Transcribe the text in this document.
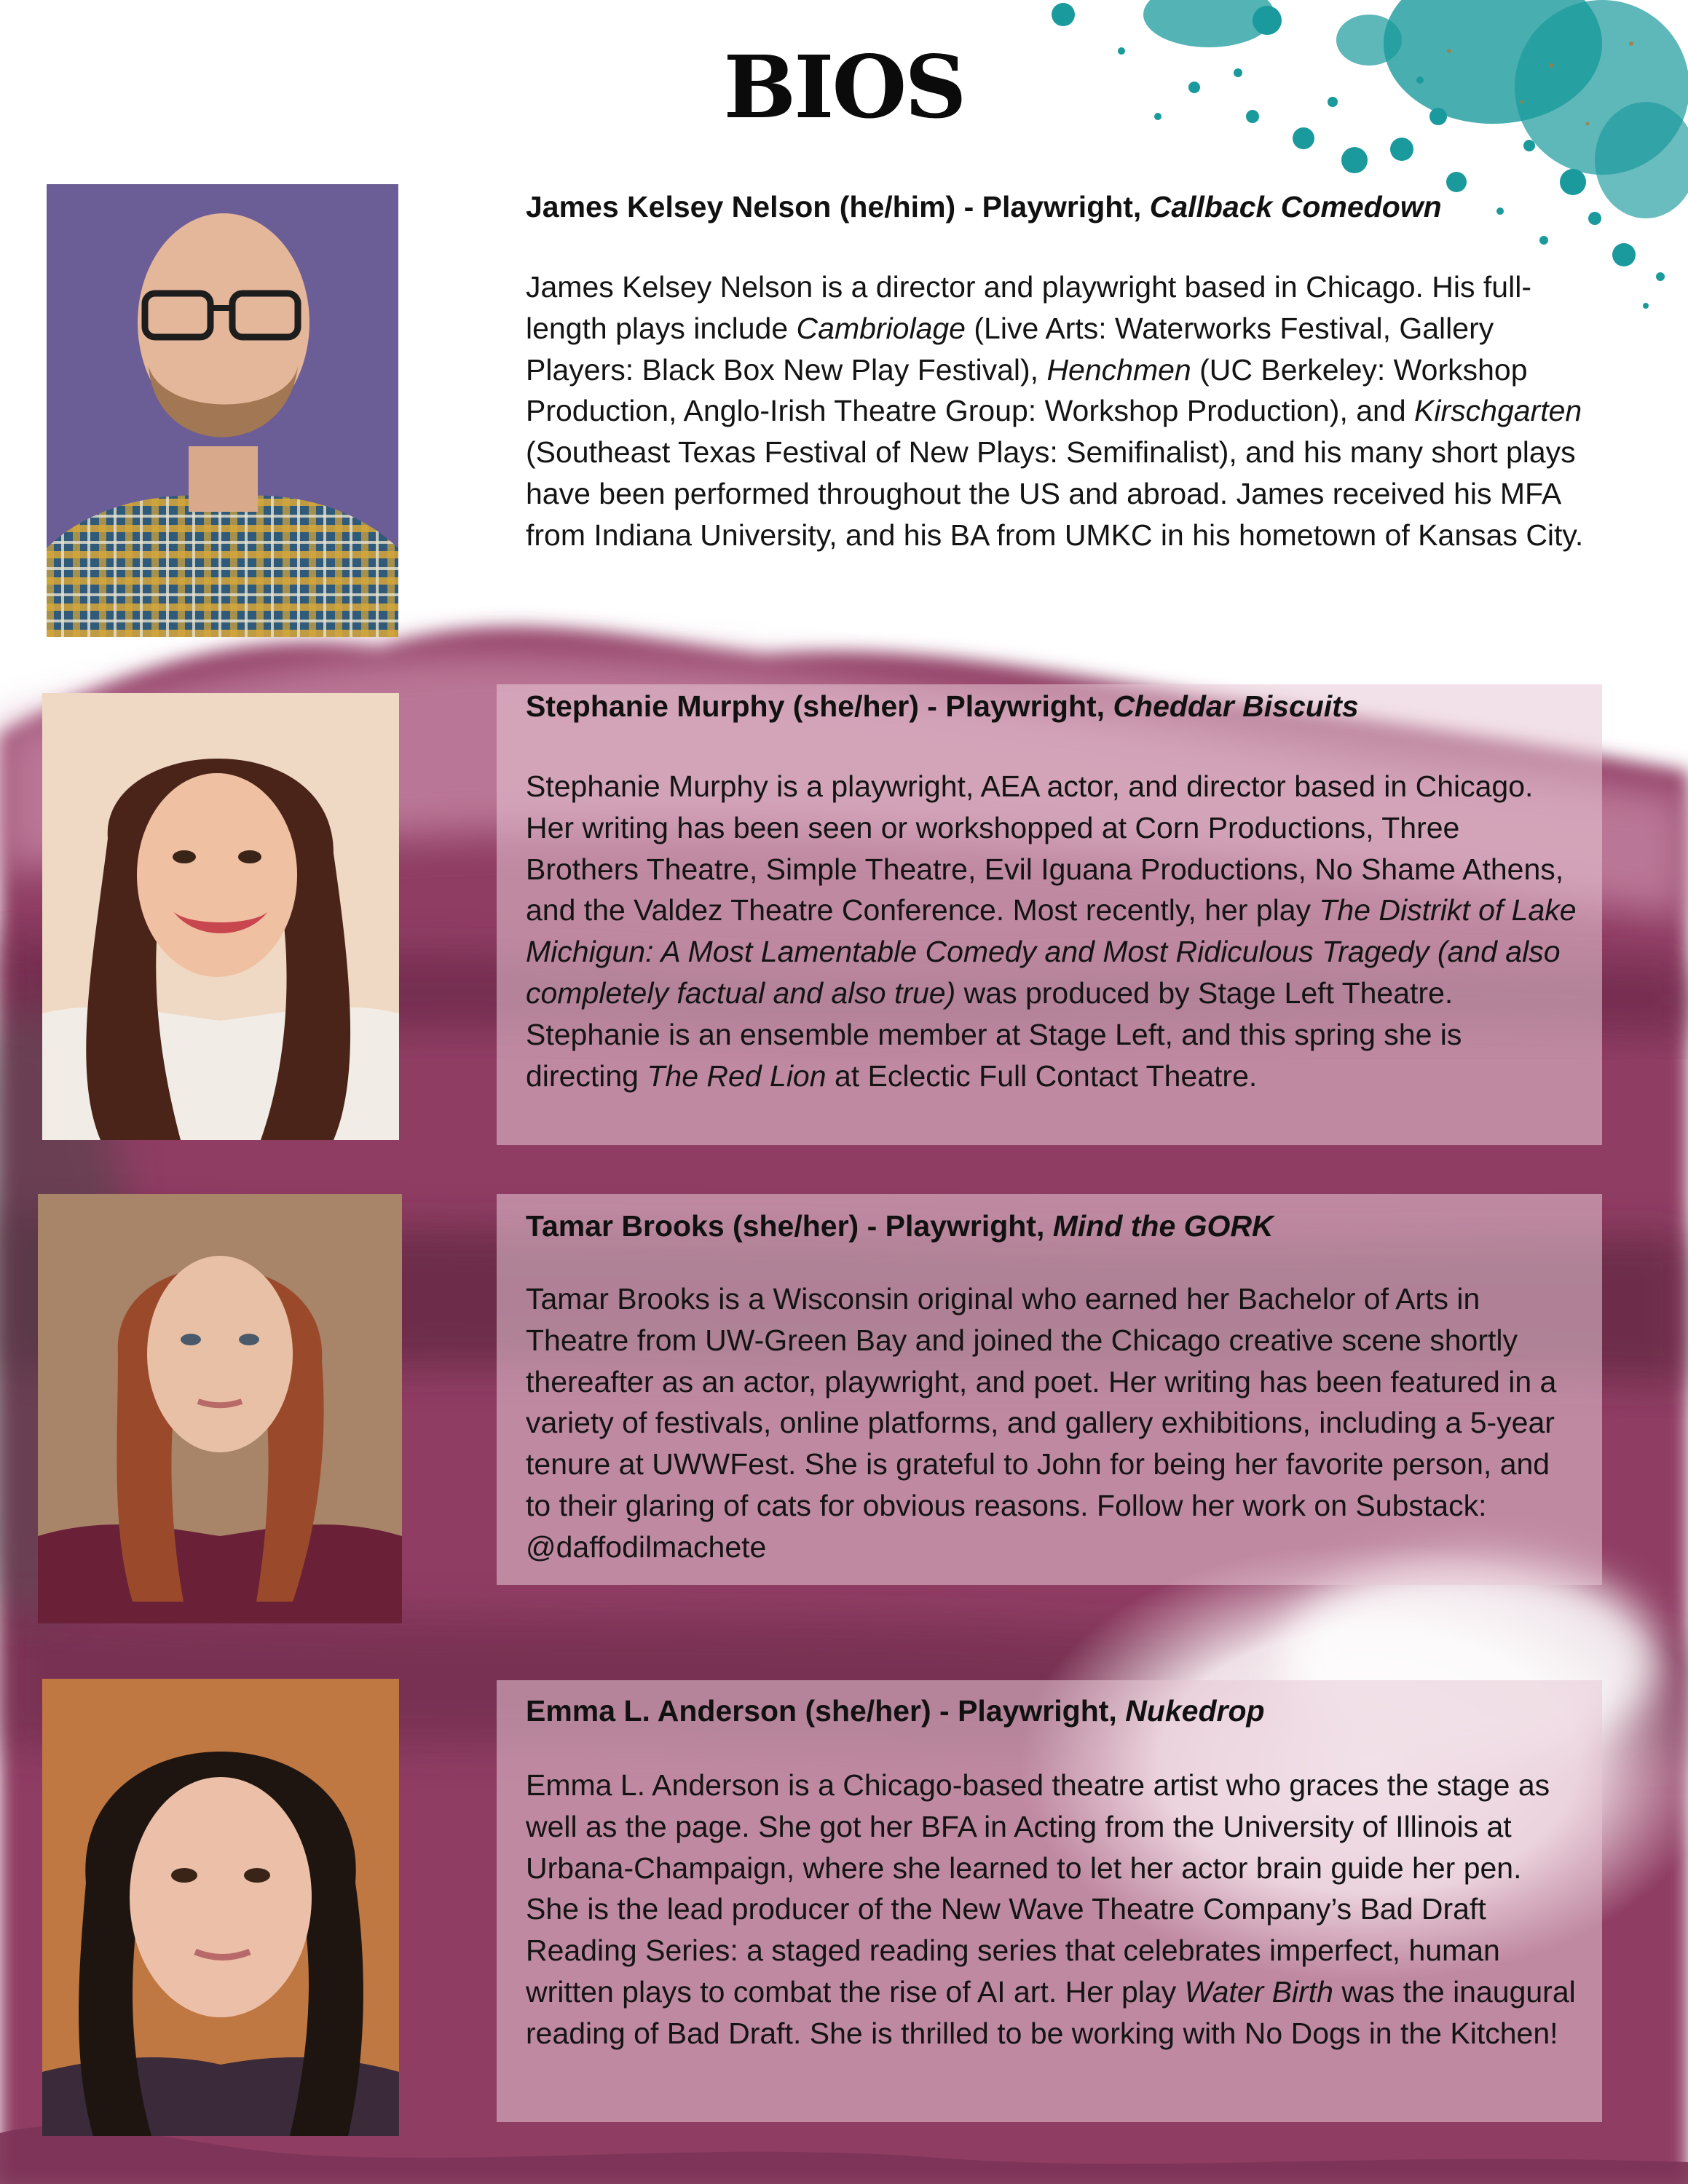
BIOS
James Kelsey Nelson (he/him) - Playwright, Callback Comedown

James Kelsey Nelson is a director and playwright based in Chicago. His full-length plays include Cambriolage (Live Arts: Waterworks Festival, Gallery Players: Black Box New Play Festival), Henchmen (UC Berkeley: Workshop Production, Anglo-Irish Theatre Group: Workshop Production), and Kirschgarten (Southeast Texas Festival of New Plays: Semifinalist), and his many short plays have been performed throughout the US and abroad. James received his MFA from Indiana University, and his BA from UMKC in his hometown of Kansas City.

Stephanie Murphy (she/her) - Playwright, Cheddar Biscuits

Stephanie Murphy is a playwright, AEA actor, and director based in Chicago. Her writing has been seen or workshopped at Corn Productions, Three Brothers Theatre, Simple Theatre, Evil Iguana Productions, No Shame Athens, and the Valdez Theatre Conference. Most recently, her play The Distrikt of Lake Michigun: A Most Lamentable Comedy and Most Ridiculous Tragedy (and also completely factual and also true) was produced by Stage Left Theatre. Stephanie is an ensemble member at Stage Left, and this spring she is directing The Red Lion at Eclectic Full Contact Theatre.

Tamar Brooks (she/her) - Playwright, Mind the GORK

Tamar Brooks is a Wisconsin original who earned her Bachelor of Arts in Theatre from UW-Green Bay and joined the Chicago creative scene shortly thereafter as an actor, playwright, and poet. Her writing has been featured in a variety of festivals, online platforms, and gallery exhibitions, including a 5-year tenure at UWWFest. She is grateful to John for being her favorite person, and to their glaring of cats for obvious reasons. Follow her work on Substack: @daffodilmachete

Emma L. Anderson (she/her) - Playwright, Nukedrop

Emma L. Anderson is a Chicago-based theatre artist who graces the stage as well as the page. She got her BFA in Acting from the University of Illinois at Urbana-Champaign, where she learned to let her actor brain guide her pen. She is the lead producer of the New Wave Theatre Company’s Bad Draft Reading Series: a staged reading series that celebrates imperfect, human written plays to combat the rise of AI art. Her play Water Birth was the inaugural reading of Bad Draft. She is thrilled to be working with No Dogs in the Kitchen!
